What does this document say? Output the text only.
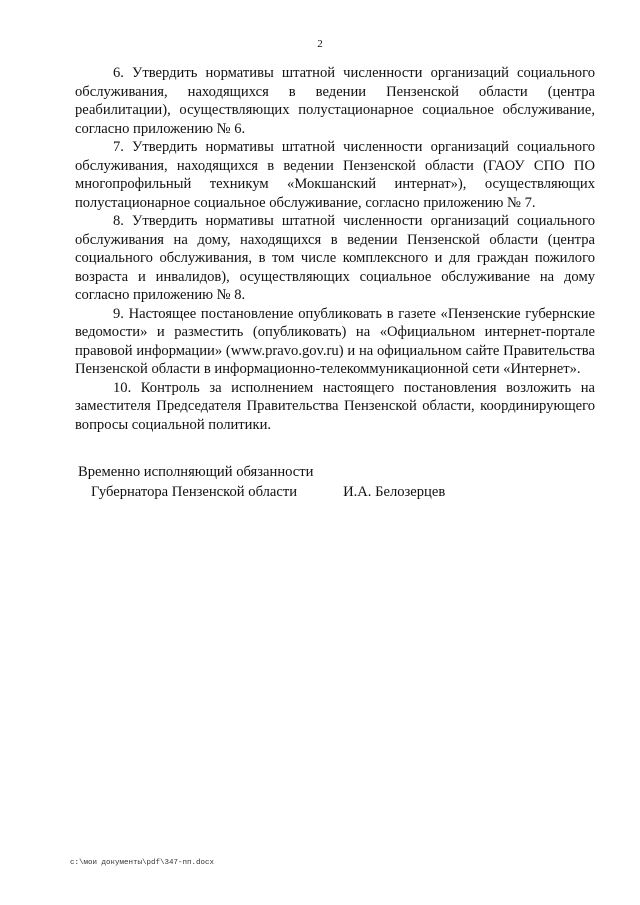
2

6. Утвердить нормативы штатной численности организаций социального обслуживания, находящихся в ведении Пензенской области (центра реабилитации), осуществляющих полустационарное социальное обслуживание, согласно приложению № 6.

7. Утвердить нормативы штатной численности организаций социального обслуживания, находящихся в ведении Пензенской области (ГАОУ СПО ПО многопрофильный техникум «Мокшанский интернат»), осуществляющих полустационарное социальное обслуживание, согласно приложению № 7.

8. Утвердить нормативы штатной численности организаций социального обслуживания на дому, находящихся в ведении Пензенской области (центра социального обслуживания, в том числе комплексного и для граждан пожилого возраста и инвалидов), осуществляющих социальное обслуживание на дому согласно приложению № 8.

9. Настоящее постановление опубликовать в газете «Пензенские губернские ведомости» и разместить (опубликовать) на «Официальном интернет-портале правовой информации» (www.pravo.gov.ru) и на официальном сайте Правительства Пензенской области в информационно-телекоммуникационной сети «Интернет».

10. Контроль за исполнением настоящего постановления возложить на заместителя Председателя Правительства Пензенской области, координирующего вопросы социальной политики.

Временно исполняющий обязанности
Губернатора Пензенской области	И.А. Белозерцев
c:\мои документы\pdf\347-пп.docx
